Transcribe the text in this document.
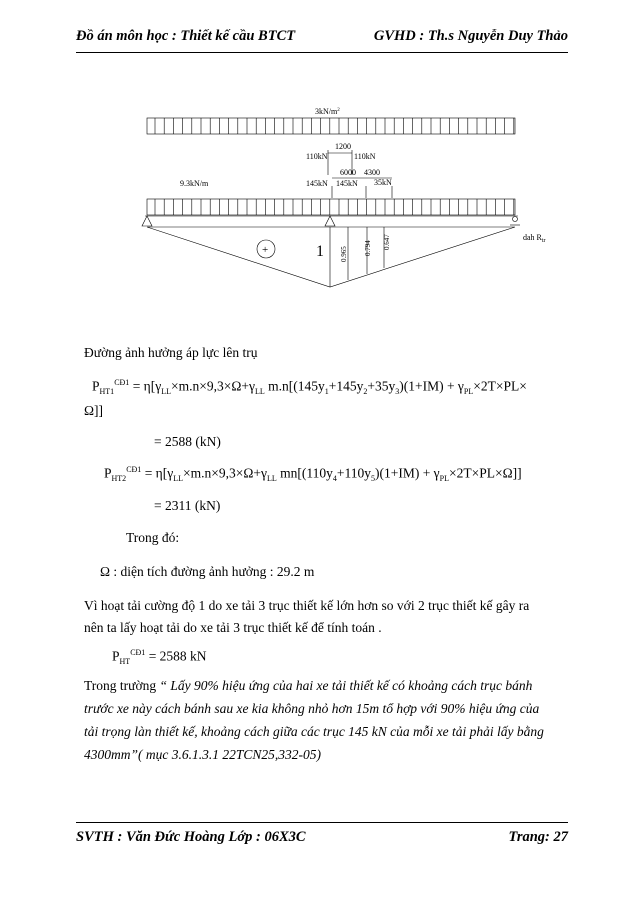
Đồ án môn học : Thiết kế cầu BTCT	GVHD : Th.s Nguyễn Duy Thảo
$3kN/m^2$
1200
110kN	110kN
6000 4300
145kN 145kN 35kN
9.3kN/m
+	1 0.965 0.794 0.647	dah $R_{tr}$
Đường ảnh hưởng áp lực lên trụ
$P_{HT1}^{CĐ1} = \eta[\gamma_{LL}\times m.n\times 9,3\times\Omega+\gamma_{LL}$ $m.n[(145y_1+145y_2+35y_3)(1+IM) + \gamma_{PL}\times 2T\times PL\times$
Ω]]
= 2588 (kN)
$P_{HT2}^{CĐ1} = \eta[\gamma_{LL}\times m.n\times 9,3\times\Omega+\gamma_{LL}$ $mn[(110y_4+110y_5)(1+IM) + \gamma_{PL}\times 2T\times PL\times\Omega]$]
= 2311 (kN)
Trong đó:
Ω : diện tích đường ảnh hưởng : 29.2 m
Vì hoạt tải cường độ 1 do xe tải 3 trục thiết kế lớn hơn so với 2 trục thiết kế gây ra
nên ta lấy hoạt tải do xe tải 3 trục thiết kế để tính toán .
$P_{HT}^{CĐ1} = 2588$ kN
Trong trường “ Lấy 90% hiệu ứng của hai xe tải thiết kế có khoảng cách trục bánh
trước xe này cách bánh sau xe kia không nhỏ hơn 15m tổ hợp với 90% hiệu ứng của
tải trọng làn thiết kế, khoảng cách giữa các trục 145 kN của mỗi xe tải phải lấy bằng
4300mm”( mục 3.6.1.3.1 22TCN25,332-05)
SVTH : Văn Đức Hoàng Lớp : 06X3C	Trang: 27
